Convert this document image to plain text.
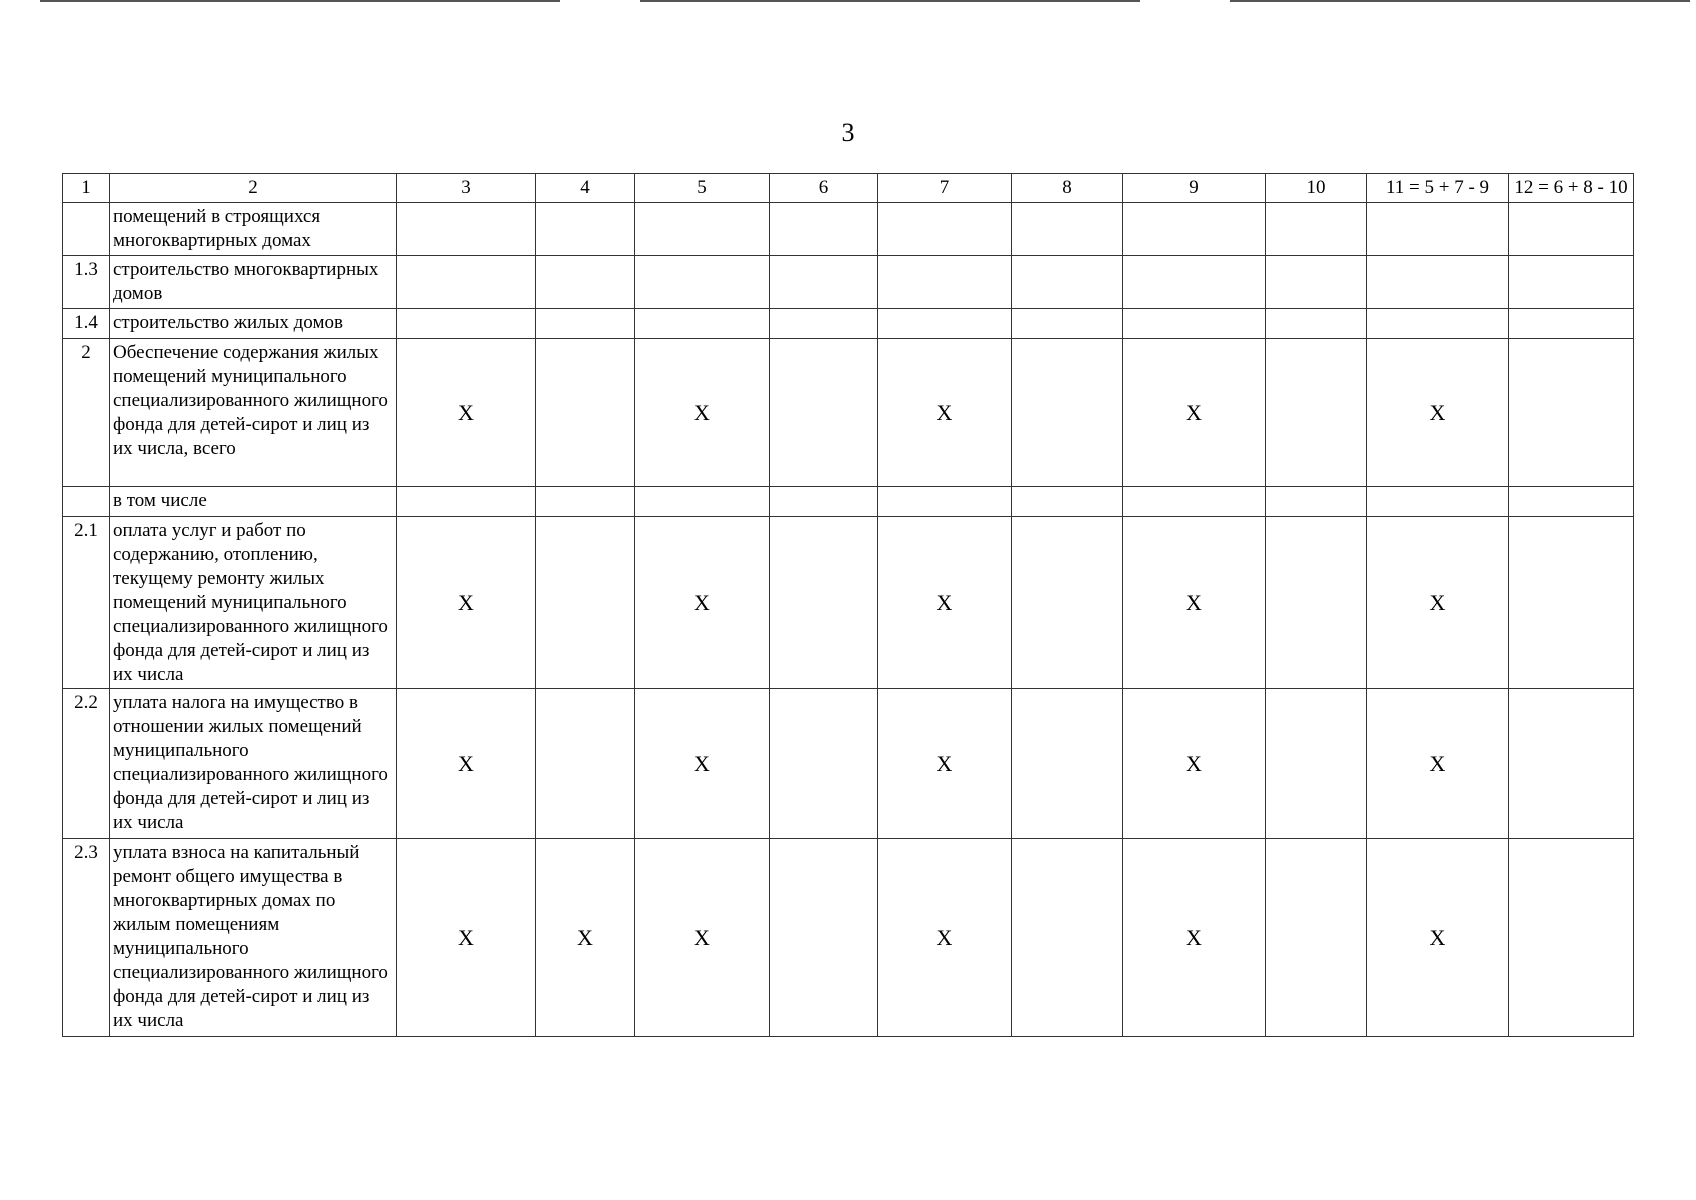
3
1	2	3	4	5	6	7	8	9	10	11 = 5 + 7 - 9	12 = 6 + 8 - 10
	помещений в строящихся многоквартирных домах										
1.3	строительство многоквартирных домов										
1.4	строительство жилых домов										
2	Обеспечение содержания жилых помещений муниципального специализированного жилищного фонда для детей-сирот и лиц из их числа, всего	Х		Х		Х		Х		Х	
	в том числе										
2.1	оплата услуг и работ по содержанию, отоплению, текущему ремонту жилых помещений муниципального специализированного жилищного фонда для детей-сирот и лиц из их числа	Х		Х		Х		Х		Х	
2.2	уплата налога на имущество в отношении жилых помещений муниципального специализированного жилищного фонда для детей-сирот и лиц из их числа	Х		Х		Х		Х		Х	
2.3	уплата взноса на капитальный ремонт общего имущества в многоквартирных домах по жилым помещениям муниципального специализированного жилищного фонда для детей-сирот и лиц из их числа	Х	Х	Х		Х		Х		Х	
